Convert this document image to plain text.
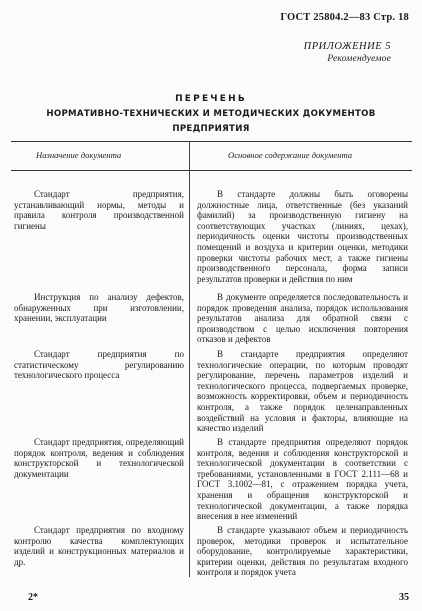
ГОСТ 25804.2—83 Стр. 18
ПРИЛОЖЕНИЕ 5
Рекомендуемое
ПЕРЕЧЕНЬ
НОРМАТИВНО-ТЕХНИЧЕСКИХ И МЕТОДИЧЕСКИХ ДОКУМЕНТОВ
ПРЕДПРИЯТИЯ
Назначение документа	Основное содержание документа
Стандарт предприятия, устанавливающий нормы, методы и правила контроля производственной гигиены
В стандарте должны быть оговорены должностные лица, ответственные (без указаний фамилий) за производственную гигиену на соответствующих участках (линиях, цехах), периодичность оценки чистоты производственных помещений и воздуха и критерии оценки, методики проверки чистоты рабочих мест, а также гигиены производственного персонала, форма записи результатов проверки и действия по ним
Инструкция по анализу дефектов, обнаруженных при изготовлении, хранении, эксплуатации
В документе определяется последовательность и порядок проведения анализа, порядок использования результатов анализа для обратной связи с производством с целью исключения повторения отказов и дефектов
Стандарт предприятия по статистическому регулированию технологического процесса
В стандарте предприятия определяют технологические операции, по которым проводят регулирование, перечень параметров изделий и технологического процесса, подвергаемых проверке, возможность корректировки, объем и периодичность контроля, а также порядок целенаправленных воздействий на условия и факторы, влияющие на качество изделий
Стандарт предприятия, определяющий порядок контроля, ведения и соблюдения конструкторской и технологической документации
В стандарте предприятия определяют порядок контроля, ведения и соблюдения конструкторской и технологической документации в соответствии с требованиями, установленными в ГОСТ 2.111—68 и ГОСТ 3.1002—81, с отражением порядка учета, хранения и обращения конструкторской и технологической документации, а также порядка внесения в нее изменений
Стандарт предприятия по входному контролю качества комплектующих изделий и конструкционных материалов и др.
В стандарте указывают объем и периодичность проверок, методики проверок и испытательное оборудование, контролируемые характеристики, критерии оценки, действия по результатам входного контроля и порядок учета
2*	35
